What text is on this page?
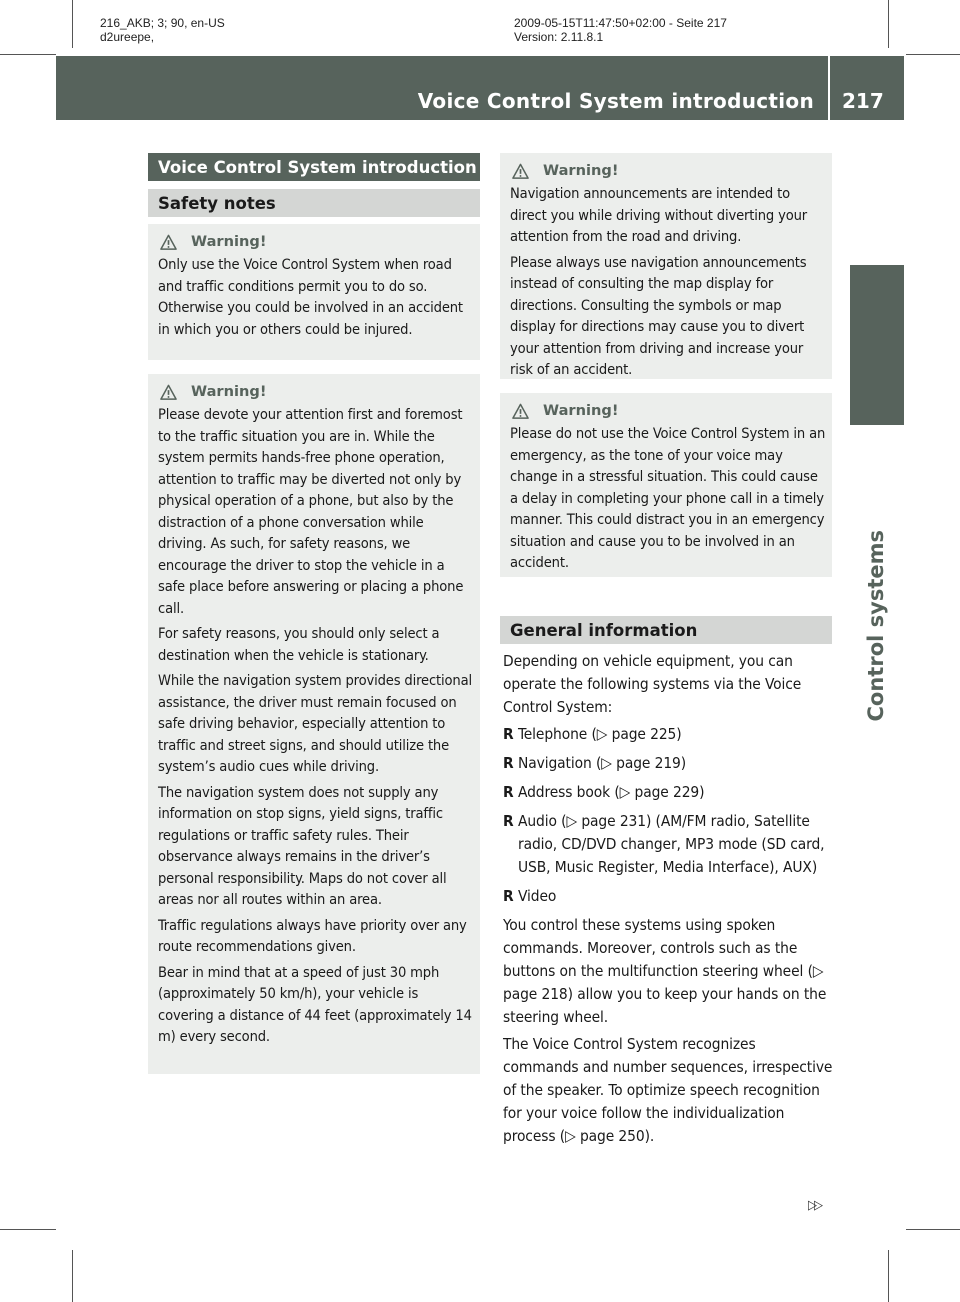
216_AKB; 3; 90, en-US
d2ureepe,
2009-05-15T11:47:50+02:00 - Seite 217
Version: 2.11.8.1
Voice Control System introduction 217
Control systems
Voice Control System introduction
Safety notes
Warning!

Only use the Voice Control System when road and traffic conditions permit you to do so. Otherwise you could be involved in an accident in which you or others could be injured.

Warning!

Please devote your attention first and foremost to the traffic situation you are in. While the system permits hands-free phone operation, attention to traffic may be diverted not only by physical operation of a phone, but also by the distraction of a phone conversation while driving. As such, for safety reasons, we encourage the driver to stop the vehicle in a safe place before answering or placing a phone call.

For safety reasons, you should only select a destination when the vehicle is stationary.

While the navigation system provides directional assistance, the driver must remain focused on safe driving behavior, especially attention to traffic and street signs, and should utilize the system’s audio cues while driving.

The navigation system does not supply any information on stop signs, yield signs, traffic regulations or traffic safety rules. Their observance always remains in the driver’s personal responsibility. Maps do not cover all areas nor all routes within an area.

Traffic regulations always have priority over any route recommendations given.

Bear in mind that at a speed of just 30 mph (approximately 50 km/h), your vehicle is covering a distance of 44 feet (approximately 14 m) every second.

Warning!

Navigation announcements are intended to direct you while driving without diverting your attention from the road and driving.

Please always use navigation announcements instead of consulting the map display for directions. Consulting the symbols or map display for directions may cause you to divert your attention from driving and increase your risk of an accident.

Warning!

Please do not use the Voice Control System in an emergency, as the tone of your voice may change in a stressful situation. This could cause a delay in completing your phone call in a timely manner. This could distract you in an emergency situation and cause you to be involved in an accident.

General information

Depending on vehicle equipment, you can operate the following systems via the Voice Control System:

R Telephone (▷ page 225)
R Navigation (▷ page 219)
R Address book (▷ page 229)
R Audio (▷ page 231) (AM/FM radio, Satellite radio, CD/DVD changer, MP3 mode (SD card, USB, Music Register, Media Interface), AUX)
R Video

You control these systems using spoken commands. Moreover, controls such as the buttons on the multifunction steering wheel (▷ page 218) allow you to keep your hands on the steering wheel.

The Voice Control System recognizes commands and number sequences, irrespective of the speaker. To optimize speech recognition for your voice follow the individualization process (▷ page 250).

▷▷
